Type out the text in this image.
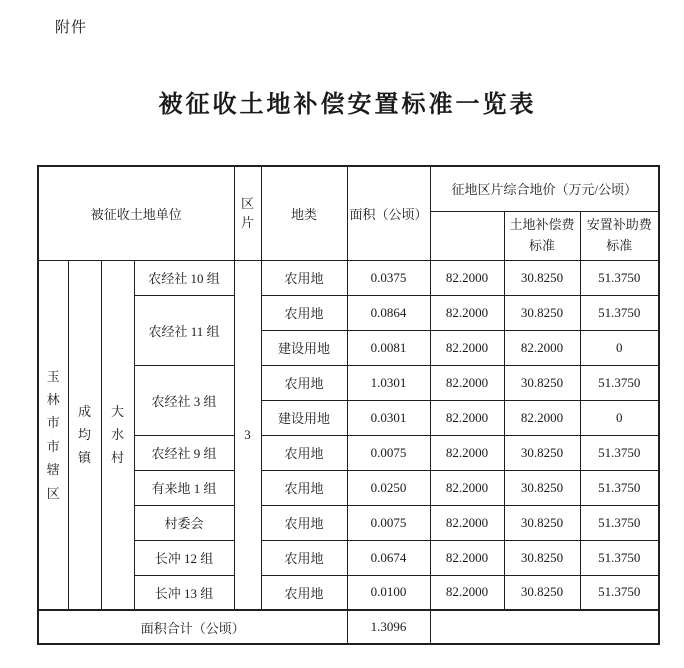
附件
被征收土地补偿安置标准一览表
被征收土地单位				区片	地类	面积（公顷）	征地区片综合地价（万元/公顷）		
								土地补偿费标准	安置补助费标准

玉林市市辖区	成均镇	大水村	农经社 10 组	3	农用地	0.0375	82.2000	30.8250	51.3750
			农经社 11 组		农用地	0.0864	82.2000	30.8250	51.3750
					建设用地	0.0081	82.2000	82.2000	0
			农经社 3 组		农用地	1.0301	82.2000	30.8250	51.3750
					建设用地	0.0301	82.2000	82.2000	0
			农经社 9 组		农用地	0.0075	82.2000	30.8250	51.3750
			有来地 1 组		农用地	0.0250	82.2000	30.8250	51.3750
			村委会		农用地	0.0075	82.2000	30.8250	51.3750
			长冲 12 组		农用地	0.0674	82.2000	30.8250	51.3750
			长冲 13 组		农用地	0.0100	82.2000	30.8250	51.3750
面积合计（公顷）						1.3096			
